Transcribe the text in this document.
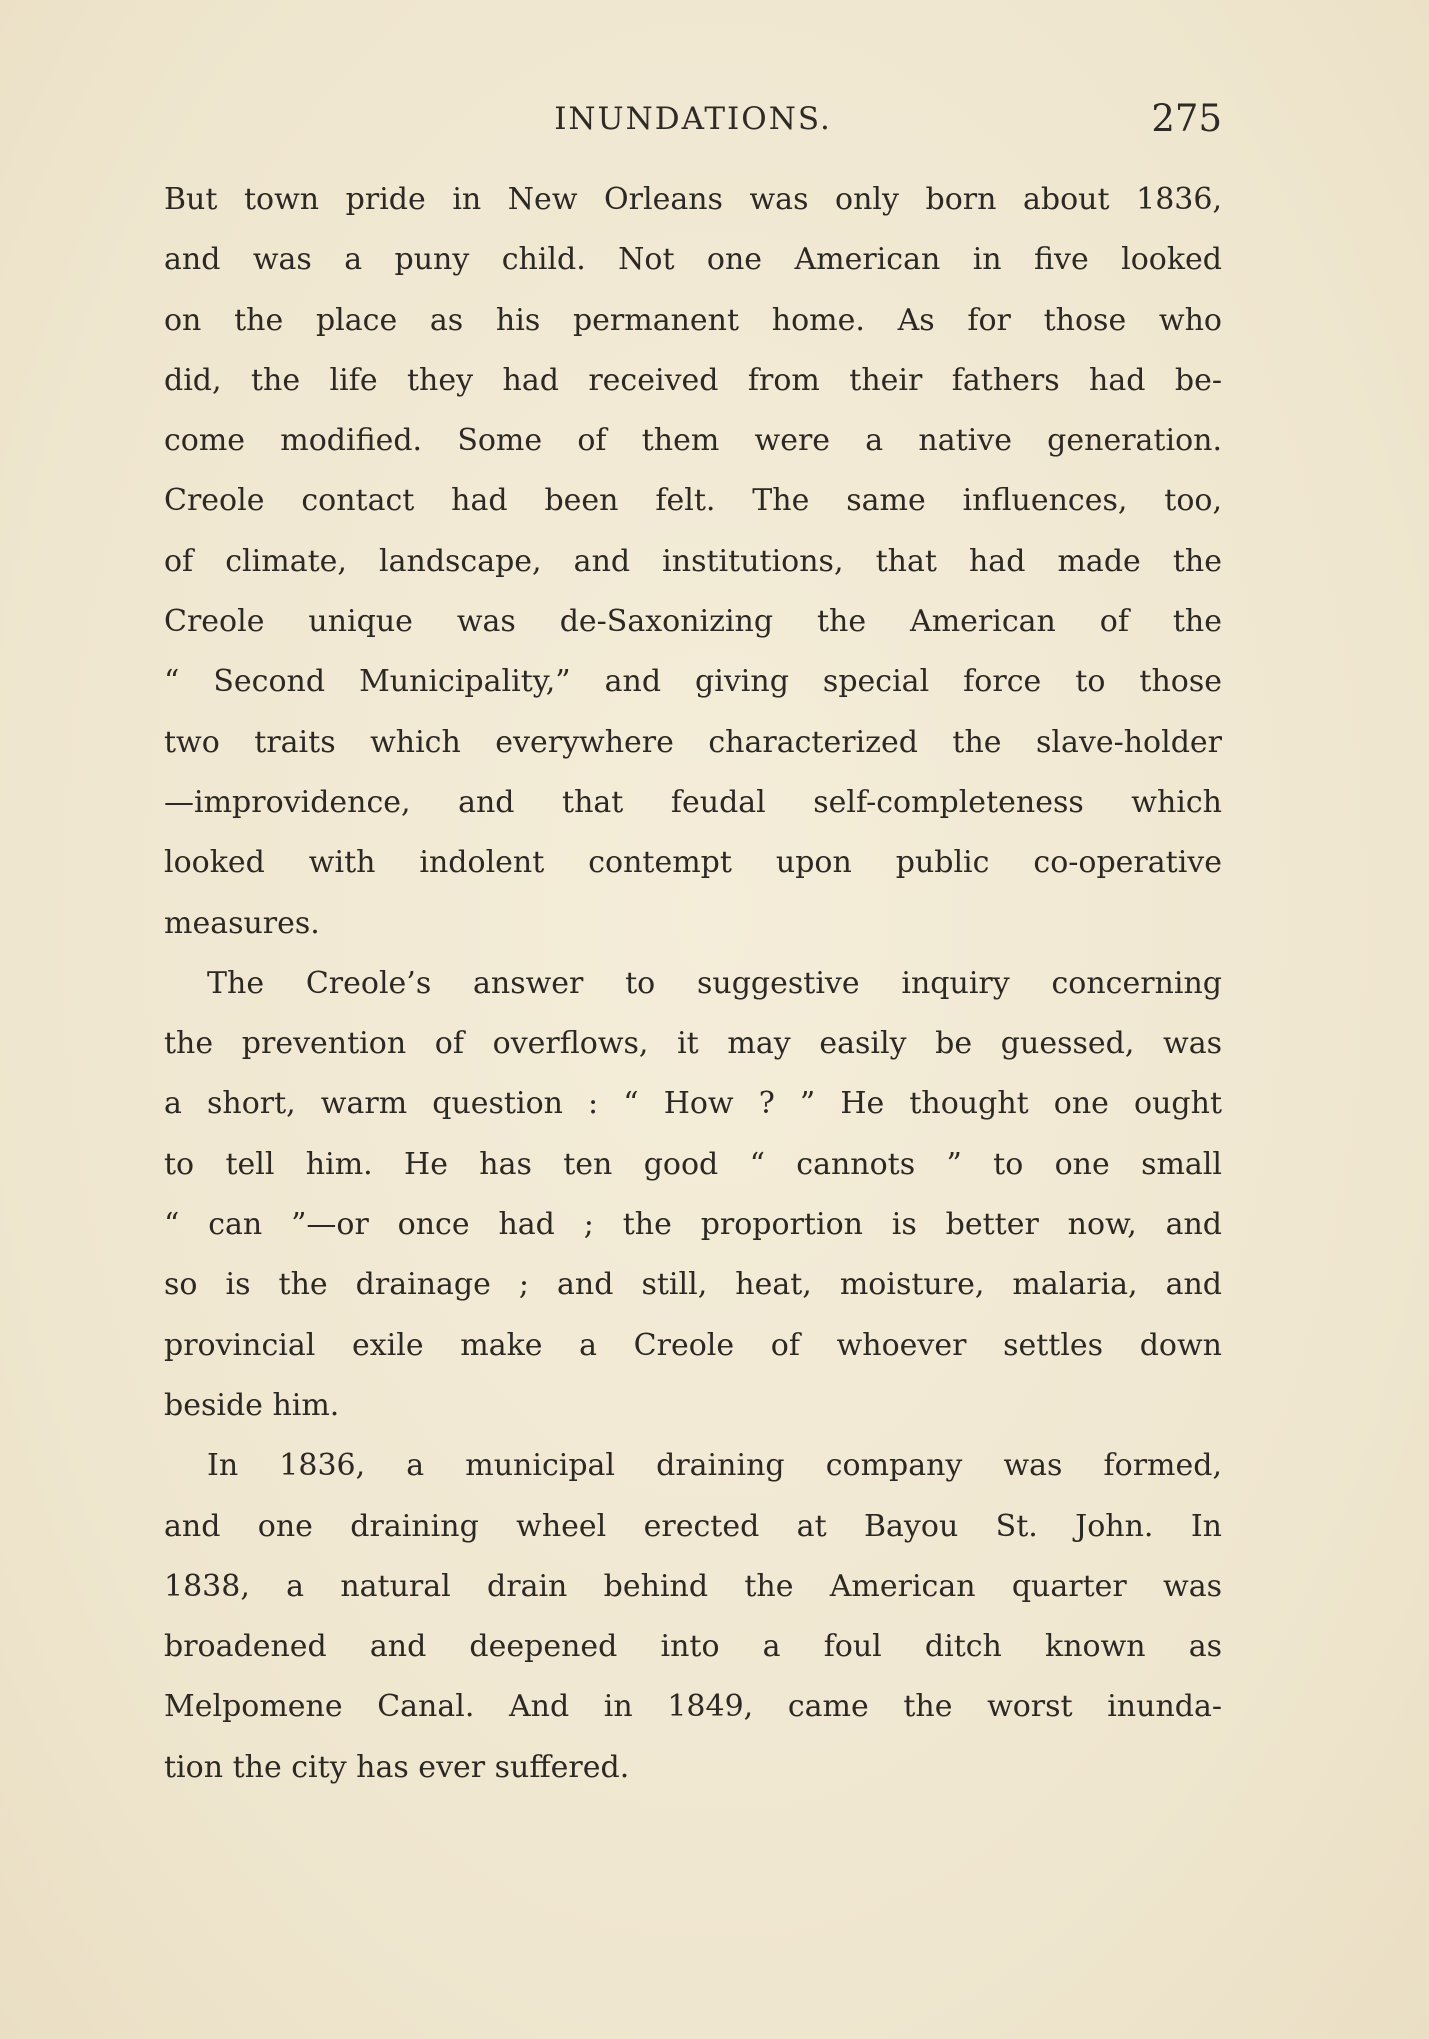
INUNDATIONS.	275
But town pride in New Orleans was only born about 1836,
and was a puny child. Not one American in five looked
on the place as his permanent home. As for those who
did, the life they had received from their fathers had be-
come modified. Some of them were a native generation.
Creole contact had been felt. The same influences, too,
of climate, landscape, and institutions, that had made the
Creole unique was de-Saxonizing the American of the
“ Second Municipality,” and giving special force to those
two traits which everywhere characterized the slave-holder
—improvidence, and that feudal self-completeness which
looked with indolent contempt upon public co-operative
measures.
The Creole’s answer to suggestive inquiry concerning
the prevention of overflows, it may easily be guessed, was
a short, warm question : “ How ? ” He thought one ought
to tell him. He has ten good “ cannots ” to one small
“ can ”—or once had ; the proportion is better now, and
so is the drainage ; and still, heat, moisture, malaria, and
provincial exile make a Creole of whoever settles down
beside him.
In 1836, a municipal draining company was formed,
and one draining wheel erected at Bayou St. John. In
1838, a natural drain behind the American quarter was
broadened and deepened into a foul ditch known as
Melpomene Canal. And in 1849, came the worst inunda-
tion the city has ever suffered.
